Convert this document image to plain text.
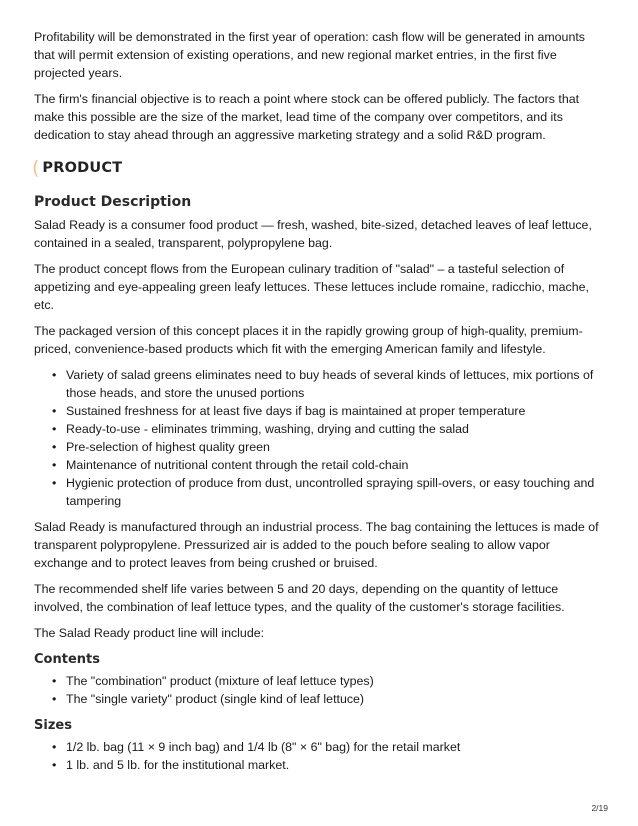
Profitability will be demonstrated in the first year of operation: cash flow will be generated in amounts that will permit extension of existing operations, and new regional market entries, in the first five projected years.

The firm's financial objective is to reach a point where stock can be offered publicly. The factors that make this possible are the size of the market, lead time of the company over competitors, and its dedication to stay ahead through an aggressive marketing strategy and a solid R&D program.

( PRODUCT
Product Description

Salad Ready is a consumer food product — fresh, washed, bite-sized, detached leaves of leaf lettuce, contained in a sealed, transparent, polypropylene bag.

The product concept flows from the European culinary tradition of "salad" – a tasteful selection of appetizing and eye-appealing green leafy lettuces. These lettuces include romaine, radicchio, mache, etc.

The packaged version of this concept places it in the rapidly growing group of high-quality, premium-priced, convenience-based products which fit with the emerging American family and lifestyle.

• Variety of salad greens eliminates need to buy heads of several kinds of lettuces, mix portions of those heads, and store the unused portions
• Sustained freshness for at least five days if bag is maintained at proper temperature
• Ready-to-use - eliminates trimming, washing, drying and cutting the salad
• Pre-selection of highest quality green
• Maintenance of nutritional content through the retail cold-chain
• Hygienic protection of produce from dust, uncontrolled spraying spill-overs, or easy touching and tampering

Salad Ready is manufactured through an industrial process. The bag containing the lettuces is made of transparent polypropylene. Pressurized air is added to the pouch before sealing to allow vapor exchange and to protect leaves from being crushed or bruised.

The recommended shelf life varies between 5 and 20 days, depending on the quantity of lettuce involved, the combination of leaf lettuce types, and the quality of the customer's storage facilities.

The Salad Ready product line will include:

Contents
• The "combination" product (mixture of leaf lettuce types)
• The "single variety" product (single kind of leaf lettuce)
Sizes
• 1/2 lb. bag (11 × 9 inch bag) and 1/4 lb (8" × 6" bag) for the retail market
• 1 lb. and 5 lb. for the institutional market.
2/19
